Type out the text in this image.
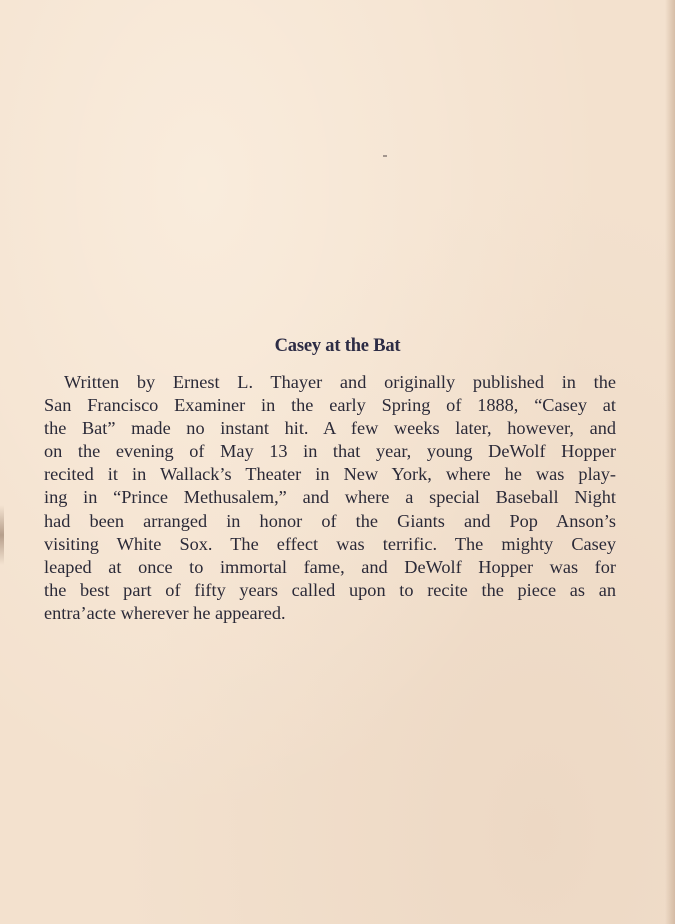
Casey at the Bat
Written by Ernest L. Thayer and originally published in the
San Francisco Examiner in the early Spring of 1888, “Casey at
the Bat” made no instant hit. A few weeks later, however, and
on the evening of May 13 in that year, young DeWolf Hopper
recited it in Wallack’s Theater in New York, where he was play-
ing in “Prince Methusalem,” and where a special Baseball Night
had been arranged in honor of the Giants and Pop Anson’s
visiting White Sox. The effect was terrific. The mighty Casey
leaped at once to immortal fame, and DeWolf Hopper was for
the best part of fifty years called upon to recite the piece as an
entra’acte wherever he appeared.
